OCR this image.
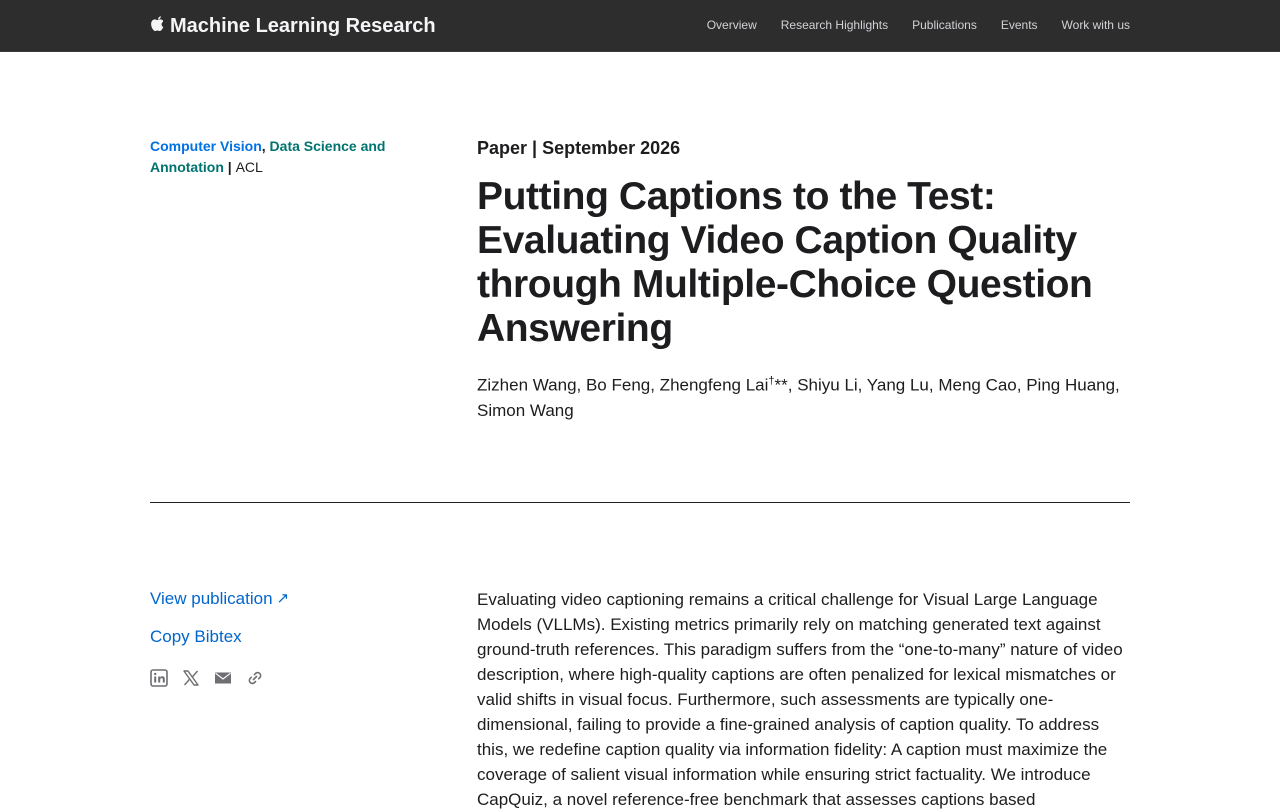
Machine Learning Research	Overview Research Highlights Publications Events Work with us
Computer Vision, Data Science and Annotation | ACL
Paper | September 2026
Putting Captions to the Test: Evaluating Video Caption Quality through Multiple-Choice Question Answering
Zizhen Wang, Bo Feng, Zhengfeng Lai†**, Shiyu Li, Yang Lu, Meng Cao, Ping Huang, Simon Wang
View publication ↗
Copy Bibtex

Evaluating video captioning remains a critical challenge for Visual Large Language Models (VLLMs). Existing metrics primarily rely on matching generated text against ground-truth references. This paradigm suffers from the “one-to-many” nature of video description, where high-quality captions are often penalized for lexical mismatches or valid shifts in visual focus. Furthermore, such assessments are typically one-dimensional, failing to provide a fine-grained analysis of caption quality. To address this, we redefine caption quality via information fidelity: A caption must maximize the coverage of salient visual information while ensuring strict factuality. We introduce CapQuiz, a novel reference-free benchmark that assesses captions based
